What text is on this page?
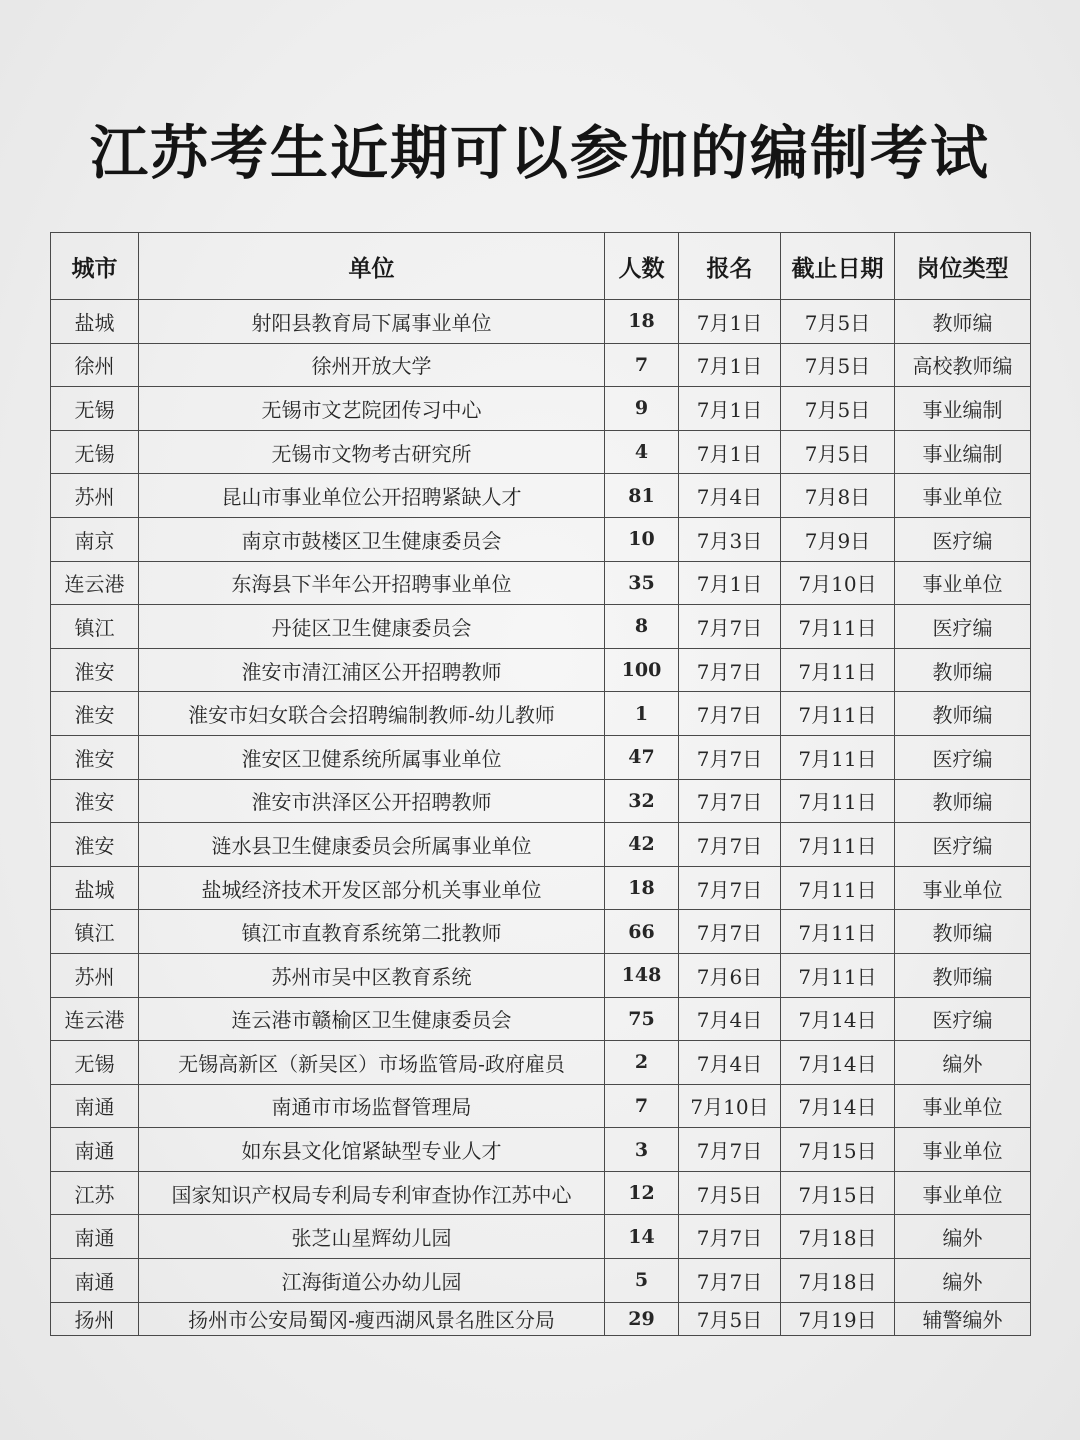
江苏考生近期可以参加的编制考试
城市	单位	人数	报名	截止日期	岗位类型
盐城	射阳县教育局下属事业单位	18	7月1日	7月5日	教师编
徐州	徐州开放大学	7	7月1日	7月5日	高校教师编
无锡	无锡市文艺院团传习中心	9	7月1日	7月5日	事业编制
无锡	无锡市文物考古研究所	4	7月1日	7月5日	事业编制
苏州	昆山市事业单位公开招聘紧缺人才	81	7月4日	7月8日	事业单位
南京	南京市鼓楼区卫生健康委员会	10	7月3日	7月9日	医疗编
连云港	东海县下半年公开招聘事业单位	35	7月1日	7月10日	事业单位
镇江	丹徒区卫生健康委员会	8	7月7日	7月11日	医疗编
淮安	淮安市清江浦区公开招聘教师	100	7月7日	7月11日	教师编
淮安	淮安市妇女联合会招聘编制教师-幼儿教师	1	7月7日	7月11日	教师编
淮安	淮安区卫健系统所属事业单位	47	7月7日	7月11日	医疗编
淮安	淮安市洪泽区公开招聘教师	32	7月7日	7月11日	教师编
淮安	涟水县卫生健康委员会所属事业单位	42	7月7日	7月11日	医疗编
盐城	盐城经济技术开发区部分机关事业单位	18	7月7日	7月11日	事业单位
镇江	镇江市直教育系统第二批教师	66	7月7日	7月11日	教师编
苏州	苏州市吴中区教育系统	148	7月6日	7月11日	教师编
连云港	连云港市赣榆区卫生健康委员会	75	7月4日	7月14日	医疗编
无锡	无锡高新区（新吴区）市场监管局-政府雇员	2	7月4日	7月14日	编外
南通	南通市市场监督管理局	7	7月10日	7月14日	事业单位
南通	如东县文化馆紧缺型专业人才	3	7月7日	7月15日	事业单位
江苏	国家知识产权局专利局专利审查协作江苏中心	12	7月5日	7月15日	事业单位
南通	张芝山星辉幼儿园	14	7月7日	7月18日	编外
南通	江海街道公办幼儿园	5	7月7日	7月18日	编外
扬州	扬州市公安局蜀冈-瘦西湖风景名胜区分局	29	7月5日	7月19日	辅警编外
